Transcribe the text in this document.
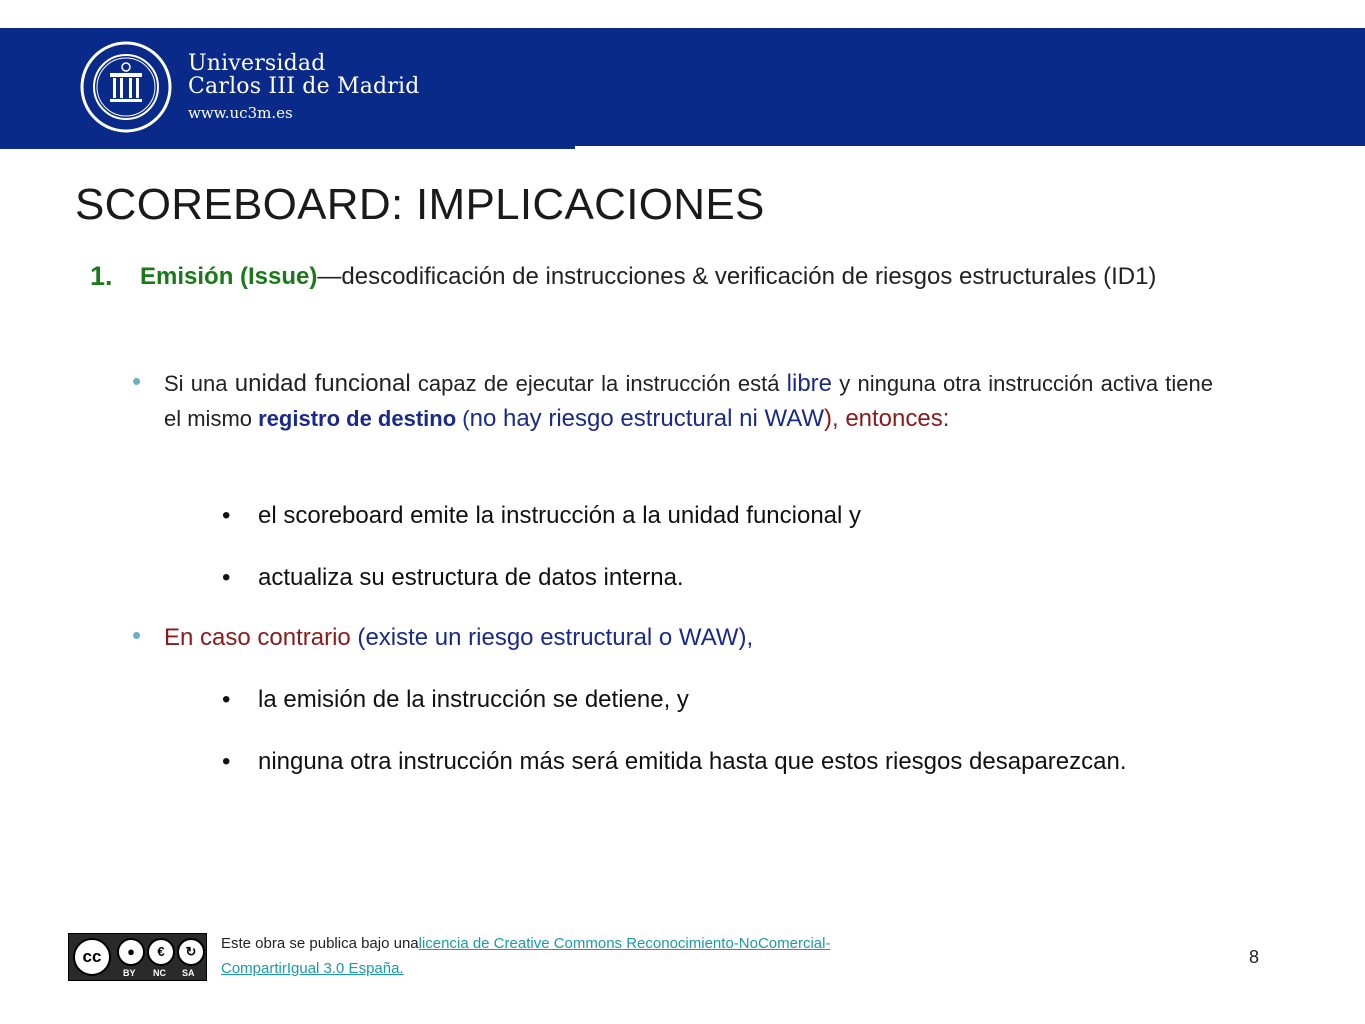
Universidad
Carlos III de Madrid
www.uc3m.es
SCOREBOARD: IMPLICACIONES
1.	Emisión (Issue)—descodificación de instrucciones & verificación de riesgos estructurales (ID1)
•	Si una unidad funcional capaz de ejecutar la instrucción está libre y ninguna otra instrucción activa tiene el mismo registro de destino (no hay riesgo estructural ni WAW), entonces:
•	el scoreboard emite la instrucción a la unidad funcional y
•	actualiza su estructura de datos interna.
• En caso contrario (existe un riesgo estructural o WAW),
•	la emisión de la instrucción se detiene, y
•	ninguna otra instrucción más será emitida hasta que estos riesgos desaparezcan.
cc	●	€	↻
BY NC SA
Este obra se publica bajo unalicencia de Creative Commons Reconocimiento-NoComercial-CompartirIgual 3.0 España.
8
